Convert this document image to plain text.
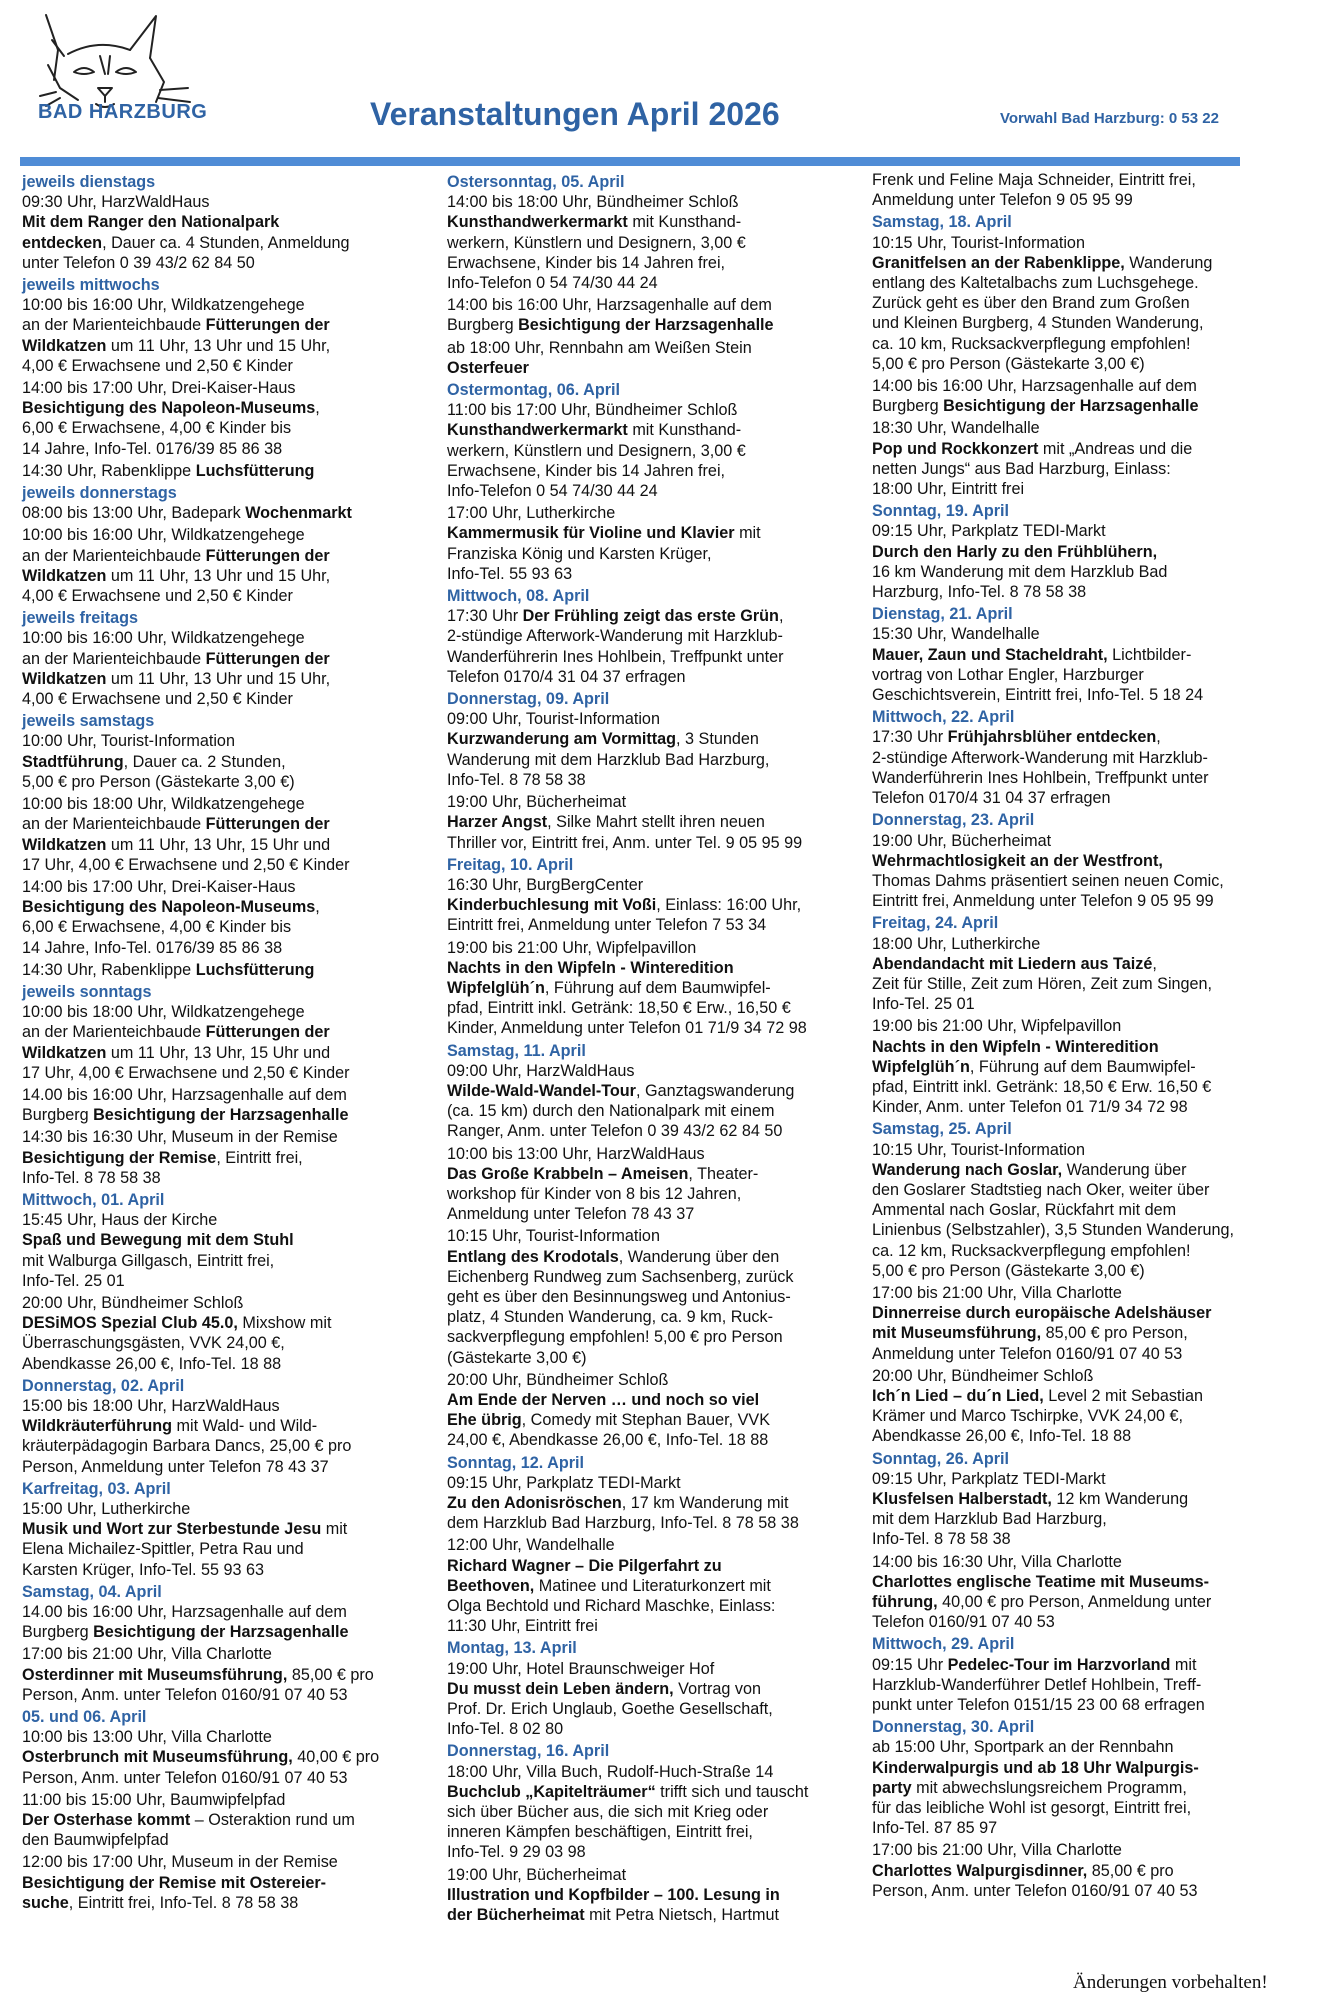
BAD HARZBURG	Veranstaltungen April 2026	Vorwahl Bad Harzburg: 0 53 22
jeweils dienstags
09:30 Uhr, HarzWaldHaus
Mit dem Ranger den Nationalpark
entdecken, Dauer ca. 4 Stunden, Anmeldung
unter Telefon 0 39 43/2 62 84 50
jeweils mittwochs
10:00 bis 16:00 Uhr, Wildkatzengehege
an der Marienteichbaude Fütterungen der
Wildkatzen um 11 Uhr, 13 Uhr und 15 Uhr,
4,00 € Erwachsene und 2,50 € Kinder
14:00 bis 17:00 Uhr, Drei-Kaiser-Haus
Besichtigung des Napoleon-Museums,
6,00 € Erwachsene, 4,00 € Kinder bis
14 Jahre, Info-Tel. 0176/39 85 86 38
14:30 Uhr, Rabenklippe Luchsfütterung
jeweils donnerstags
08:00 bis 13:00 Uhr, Badepark Wochenmarkt
10:00 bis 16:00 Uhr, Wildkatzengehege
an der Marienteichbaude Fütterungen der
Wildkatzen um 11 Uhr, 13 Uhr und 15 Uhr,
4,00 € Erwachsene und 2,50 € Kinder
jeweils freitags
10:00 bis 16:00 Uhr, Wildkatzengehege
an der Marienteichbaude Fütterungen der
Wildkatzen um 11 Uhr, 13 Uhr und 15 Uhr,
4,00 € Erwachsene und 2,50 € Kinder
jeweils samstags
10:00 Uhr, Tourist-Information
Stadtführung, Dauer ca. 2 Stunden,
5,00 € pro Person (Gästekarte 3,00 €)
10:00 bis 18:00 Uhr, Wildkatzengehege
an der Marienteichbaude Fütterungen der
Wildkatzen um 11 Uhr, 13 Uhr, 15 Uhr und
17 Uhr, 4,00 € Erwachsene und 2,50 € Kinder
14:00 bis 17:00 Uhr, Drei-Kaiser-Haus
Besichtigung des Napoleon-Museums,
6,00 € Erwachsene, 4,00 € Kinder bis
14 Jahre, Info-Tel. 0176/39 85 86 38
14:30 Uhr, Rabenklippe Luchsfütterung
jeweils sonntags
10:00 bis 18:00 Uhr, Wildkatzengehege
an der Marienteichbaude Fütterungen der
Wildkatzen um 11 Uhr, 13 Uhr, 15 Uhr und
17 Uhr, 4,00 € Erwachsene und 2,50 € Kinder
14.00 bis 16:00 Uhr, Harzsagenhalle auf dem
Burgberg Besichtigung der Harzsagenhalle
14:30 bis 16:30 Uhr, Museum in der Remise
Besichtigung der Remise, Eintritt frei,
Info-Tel. 8 78 58 38
Mittwoch, 01. April
15:45 Uhr, Haus der Kirche
Spaß und Bewegung mit dem Stuhl
mit Walburga Gillgasch, Eintritt frei,
Info-Tel. 25 01
20:00 Uhr, Bündheimer Schloß
DESiMOS Spezial Club 45.0, Mixshow mit
Überraschungsgästen, VVK 24,00 €,
Abendkasse 26,00 €, Info-Tel. 18 88
Donnerstag, 02. April
15:00 bis 18:00 Uhr, HarzWaldHaus
Wildkräuterführung mit Wald- und Wild-
kräuterpädagogin Barbara Dancs, 25,00 € pro
Person, Anmeldung unter Telefon 78 43 37
Karfreitag, 03. April
15:00 Uhr, Lutherkirche
Musik und Wort zur Sterbestunde Jesu mit
Elena Michailez-Spittler, Petra Rau und
Karsten Krüger, Info-Tel. 55 93 63
Samstag, 04. April
14.00 bis 16:00 Uhr, Harzsagenhalle auf dem
Burgberg Besichtigung der Harzsagenhalle
17:00 bis 21:00 Uhr, Villa Charlotte
Osterdinner mit Museumsführung, 85,00 € pro
Person, Anm. unter Telefon 0160/91 07 40 53
05. und 06. April
10:00 bis 13:00 Uhr, Villa Charlotte
Osterbrunch mit Museumsführung, 40,00 € pro
Person, Anm. unter Telefon 0160/91 07 40 53
11:00 bis 15:00 Uhr, Baumwipfelpfad
Der Osterhase kommt – Osteraktion rund um
den Baumwipfelpfad
12:00 bis 17:00 Uhr, Museum in der Remise
Besichtigung der Remise mit Ostereier-
suche, Eintritt frei, Info-Tel. 8 78 58 38
Ostersonntag, 05. April
14:00 bis 18:00 Uhr, Bündheimer Schloß
Kunsthandwerkermarkt mit Kunsthand-
werkern, Künstlern und Designern, 3,00 €
Erwachsene, Kinder bis 14 Jahren frei,
Info-Telefon 0 54 74/30 44 24
14:00 bis 16:00 Uhr, Harzsagenhalle auf dem
Burgberg Besichtigung der Harzsagenhalle
ab 18:00 Uhr, Rennbahn am Weißen Stein
Osterfeuer
Ostermontag, 06. April
11:00 bis 17:00 Uhr, Bündheimer Schloß
Kunsthandwerkermarkt mit Kunsthand-
werkern, Künstlern und Designern, 3,00 €
Erwachsene, Kinder bis 14 Jahren frei,
Info-Telefon 0 54 74/30 44 24
17:00 Uhr, Lutherkirche
Kammermusik für Violine und Klavier mit
Franziska König und Karsten Krüger,
Info-Tel. 55 93 63
Mittwoch, 08. April
17:30 Uhr Der Frühling zeigt das erste Grün,
2-stündige Afterwork-Wanderung mit Harzklub-
Wanderführerin Ines Hohlbein, Treffpunkt unter
Telefon 0170/4 31 04 37 erfragen
Donnerstag, 09. April
09:00 Uhr, Tourist-Information
Kurzwanderung am Vormittag, 3 Stunden
Wanderung mit dem Harzklub Bad Harzburg,
Info-Tel. 8 78 58 38
19:00 Uhr, Bücherheimat
Harzer Angst, Silke Mahrt stellt ihren neuen
Thriller vor, Eintritt frei, Anm. unter Tel. 9 05 95 99
Freitag, 10. April
16:30 Uhr, BurgBergCenter
Kinderbuchlesung mit Voßi, Einlass: 16:00 Uhr,
Eintritt frei, Anmeldung unter Telefon 7 53 34
19:00 bis 21:00 Uhr, Wipfelpavillon
Nachts in den Wipfeln - Winteredition
Wipfelglüh´n, Führung auf dem Baumwipfel-
pfad, Eintritt inkl. Getränk: 18,50 € Erw., 16,50 €
Kinder, Anmeldung unter Telefon 01 71/9 34 72 98
Samstag, 11. April
09:00 Uhr, HarzWaldHaus
Wilde-Wald-Wandel-Tour, Ganztagswanderung
(ca. 15 km) durch den Nationalpark mit einem
Ranger, Anm. unter Telefon 0 39 43/2 62 84 50
10:00 bis 13:00 Uhr, HarzWaldHaus
Das Große Krabbeln – Ameisen, Theater-
workshop für Kinder von 8 bis 12 Jahren,
Anmeldung unter Telefon 78 43 37
10:15 Uhr, Tourist-Information
Entlang des Krodotals, Wanderung über den
Eichenberg Rundweg zum Sachsenberg, zurück
geht es über den Besinnungsweg und Antonius-
platz, 4 Stunden Wanderung, ca. 9 km, Ruck-
sackverpflegung empfohlen! 5,00 € pro Person
(Gästekarte 3,00 €)
20:00 Uhr, Bündheimer Schloß
Am Ende der Nerven … und noch so viel
Ehe übrig, Comedy mit Stephan Bauer, VVK
24,00 €, Abendkasse 26,00 €, Info-Tel. 18 88
Sonntag, 12. April
09:15 Uhr, Parkplatz TEDI-Markt
Zu den Adonisröschen, 17 km Wanderung mit
dem Harzklub Bad Harzburg, Info-Tel. 8 78 58 38
12:00 Uhr, Wandelhalle
Richard Wagner – Die Pilgerfahrt zu
Beethoven, Matinee und Literaturkonzert mit
Olga Bechtold und Richard Maschke, Einlass:
11:30 Uhr, Eintritt frei
Montag, 13. April
19:00 Uhr, Hotel Braunschweiger Hof
Du musst dein Leben ändern, Vortrag von
Prof. Dr. Erich Unglaub, Goethe Gesellschaft,
Info-Tel. 8 02 80
Donnerstag, 16. April
18:00 Uhr, Villa Buch, Rudolf-Huch-Straße 14
Buchclub „Kapitelträumer“ trifft sich und tauscht
sich über Bücher aus, die sich mit Krieg oder
inneren Kämpfen beschäftigen, Eintritt frei,
Info-Tel. 9 29 03 98
19:00 Uhr, Bücherheimat
Illustration und Kopfbilder – 100. Lesung in
der Bücherheimat mit Petra Nietsch, Hartmut
Frenk und Feline Maja Schneider, Eintritt frei,
Anmeldung unter Telefon 9 05 95 99
Samstag, 18. April
10:15 Uhr, Tourist-Information
Granitfelsen an der Rabenklippe, Wanderung
entlang des Kaltetalbachs zum Luchsgehege.
Zurück geht es über den Brand zum Großen
und Kleinen Burgberg, 4 Stunden Wanderung,
ca. 10 km, Rucksackverpflegung empfohlen!
5,00 € pro Person (Gästekarte 3,00 €)
14:00 bis 16:00 Uhr, Harzsagenhalle auf dem
Burgberg Besichtigung der Harzsagenhalle
18:30 Uhr, Wandelhalle
Pop und Rockkonzert mit „Andreas und die
netten Jungs“ aus Bad Harzburg, Einlass:
18:00 Uhr, Eintritt frei
Sonntag, 19. April
09:15 Uhr, Parkplatz TEDI-Markt
Durch den Harly zu den Frühblühern,
16 km Wanderung mit dem Harzklub Bad
Harzburg, Info-Tel. 8 78 58 38
Dienstag, 21. April
15:30 Uhr, Wandelhalle
Mauer, Zaun und Stacheldraht, Lichtbilder-
vortrag von Lothar Engler, Harzburger
Geschichtsverein, Eintritt frei, Info-Tel. 5 18 24
Mittwoch, 22. April
17:30 Uhr Frühjahrsblüher entdecken,
2-stündige Afterwork-Wanderung mit Harzklub-
Wanderführerin Ines Hohlbein, Treffpunkt unter
Telefon 0170/4 31 04 37 erfragen
Donnerstag, 23. April
19:00 Uhr, Bücherheimat
Wehrmachtlosigkeit an der Westfront,
Thomas Dahms präsentiert seinen neuen Comic,
Eintritt frei, Anmeldung unter Telefon 9 05 95 99
Freitag, 24. April
18:00 Uhr, Lutherkirche
Abendandacht mit Liedern aus Taizé,
Zeit für Stille, Zeit zum Hören, Zeit zum Singen,
Info-Tel. 25 01
19:00 bis 21:00 Uhr, Wipfelpavillon
Nachts in den Wipfeln - Winteredition
Wipfelglüh´n, Führung auf dem Baumwipfel-
pfad, Eintritt inkl. Getränk: 18,50 € Erw. 16,50 €
Kinder, Anm. unter Telefon 01 71/9 34 72 98
Samstag, 25. April
10:15 Uhr, Tourist-Information
Wanderung nach Goslar, Wanderung über
den Goslarer Stadtstieg nach Oker, weiter über
Ammental nach Goslar, Rückfahrt mit dem
Linienbus (Selbstzahler), 3,5 Stunden Wanderung,
ca. 12 km, Rucksackverpflegung empfohlen!
5,00 € pro Person (Gästekarte 3,00 €)
17:00 bis 21:00 Uhr, Villa Charlotte
Dinnerreise durch europäische Adelshäuser
mit Museumsführung, 85,00 € pro Person,
Anmeldung unter Telefon 0160/91 07 40 53
20:00 Uhr, Bündheimer Schloß
Ich´n Lied – du´n Lied, Level 2 mit Sebastian
Krämer und Marco Tschirpke, VVK 24,00 €,
Abendkasse 26,00 €, Info-Tel. 18 88
Sonntag, 26. April
09:15 Uhr, Parkplatz TEDI-Markt
Klusfelsen Halberstadt, 12 km Wanderung
mit dem Harzklub Bad Harzburg,
Info-Tel. 8 78 58 38
14:00 bis 16:30 Uhr, Villa Charlotte
Charlottes englische Teatime mit Museums-
führung, 40,00 € pro Person, Anmeldung unter
Telefon 0160/91 07 40 53
Mittwoch, 29. April
09:15 Uhr Pedelec-Tour im Harzvorland mit
Harzklub-Wanderführer Detlef Hohlbein, Treff-
punkt unter Telefon 0151/15 23 00 68 erfragen
Donnerstag, 30. April
ab 15:00 Uhr, Sportpark an der Rennbahn
Kinderwalpurgis und ab 18 Uhr Walpurgis-
party mit abwechslungsreichem Programm,
für das leibliche Wohl ist gesorgt, Eintritt frei,
Info-Tel. 87 85 97
17:00 bis 21:00 Uhr, Villa Charlotte
Charlottes Walpurgisdinner, 85,00 € pro
Person, Anm. unter Telefon 0160/91 07 40 53
Änderungen vorbehalten!
